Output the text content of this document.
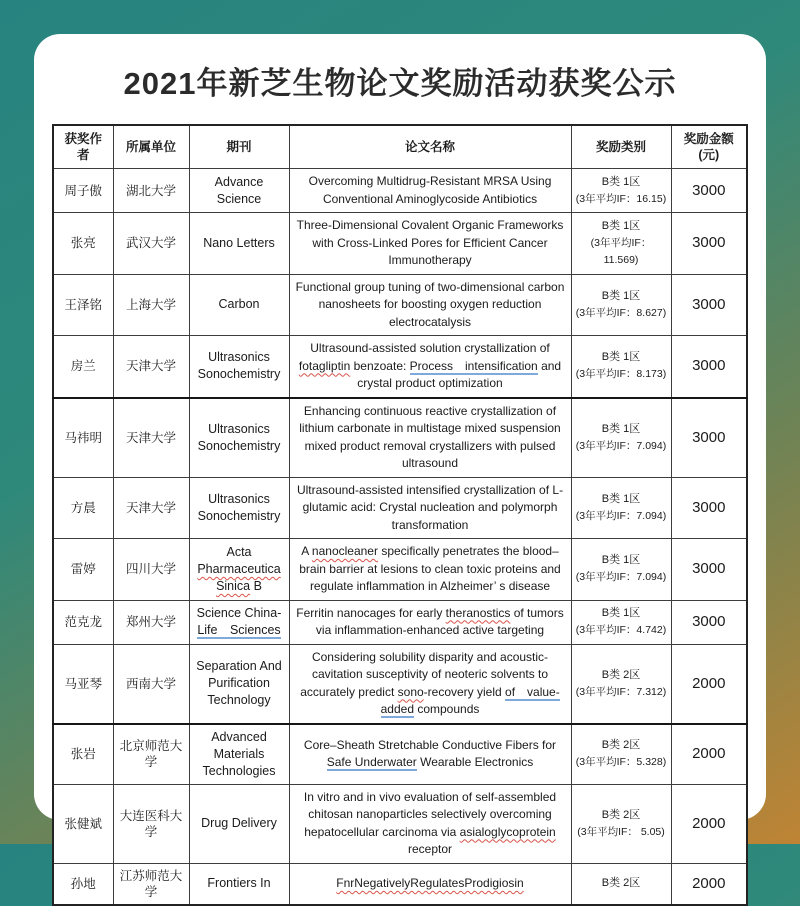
2021年新芝生物论文奖励活动获奖公示
获奖作者	所属单位	期刊	论文名称	奖励类别	奖励金额
(元)
周子傲	湖北大学	Advance Science	Overcoming Multidrug-Resistant MRSA Using Conventional Aminoglycoside Antibiotics	B类 1区
(3年平均IF：16.15)	3000
张亮	武汉大学	Nano Letters	Three-Dimensional Covalent Organic Frameworks with Cross-Linked Pores for Efficient Cancer Immunotherapy	B类 1区
(3年平均IF：
11.569)	3000
王泽铭	上海大学	Carbon	Functional group tuning of two-dimensional carbon nanosheets for boosting oxygen reduction electrocatalysis	B类 1区
(3年平均IF：8.627)	3000
房兰	天津大学	Ultrasonics Sonochemistry	Ultrasound-assisted solution crystallization of fotagliptin benzoate: Process　intensification and crystal product optimization	B类 1区
(3年平均IF：8.173)	3000
马祎明	天津大学	Ultrasonics Sonochemistry	Enhancing continuous reactive crystallization of lithium carbonate in multistage mixed suspension mixed product removal crystallizers with pulsed ultrasound	B类 1区
(3年平均IF：7.094)	3000
方晨	天津大学	Ultrasonics Sonochemistry	Ultrasound-assisted intensified crystallization of L-glutamic acid: Crystal nucleation and polymorph transformation	B类 1区
(3年平均IF：7.094)	3000
雷婷	四川大学	Acta Pharmaceutica Sinica B	A nanocleaner specifically penetrates the blood– brain barrier at lesions to clean toxic proteins and regulate inflammation in Alzheimer’ s disease	B类 1区
(3年平均IF：7.094)	3000
范克龙	郑州大学	Science China-Life　Sciences	Ferritin nanocages for early theranostics of tumors via inflammation-enhanced active targeting	B类 1区
(3年平均IF：4.742)	3000
马亚琴	西南大学	Separation And Purification Technology	Considering solubility disparity and acoustic-cavitation susceptivity of neoteric solvents to accurately predict sono-recovery yield of　value-added compounds	B类 2区
(3年平均IF：7.312)	2000
张岩	北京师范大学	Advanced Materials Technologies	Core–Sheath Stretchable Conductive Fibers for Safe Underwater Wearable Electronics	B类 2区
(3年平均IF：5.328)	2000
张健斌	大连医科大学	Drug Delivery	In vitro and in vivo evaluation of self-assembled chitosan nanoparticles selectively overcoming hepatocellular carcinoma via asialoglycoprotein receptor	B类 2区
(3年平均IF： 5.05)	2000
孙地	江苏师范大学	Frontiers In	FnrNegativelyRegulatesProdigiosin	B类 2区	2000
